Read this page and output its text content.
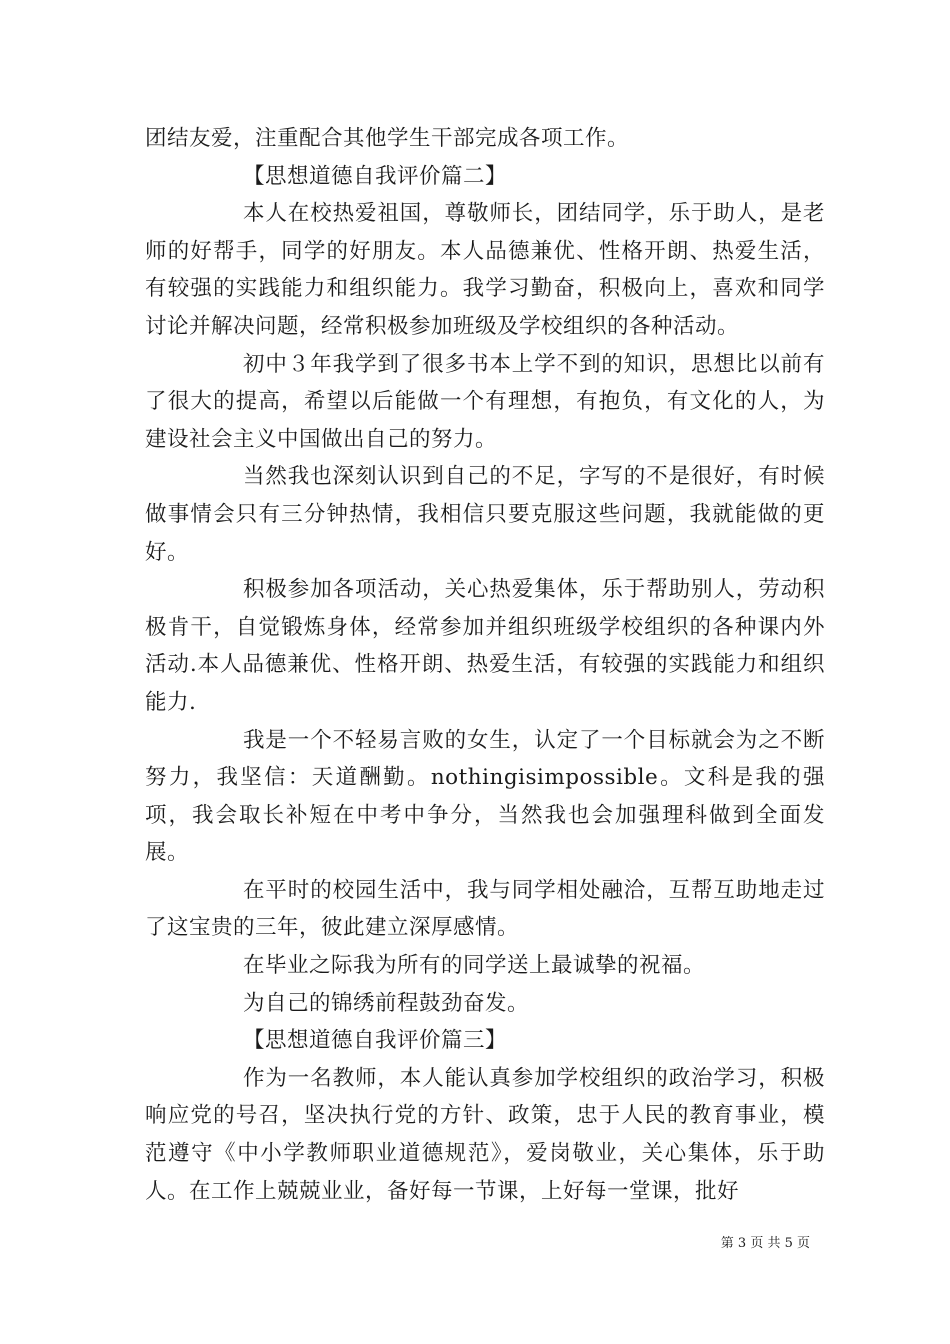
团结友爱，注重配合其他学生干部完成各项工作。

【思想道德自我评价篇二】

本人在校热爱祖国，尊敬师长，团结同学，乐于助人，是老师的好帮手，同学的好朋友。本人品德兼优、性格开朗、热爱生活，有较强的实践能力和组织能力。我学习勤奋，积极向上，喜欢和同学讨论并解决问题，经常积极参加班级及学校组织的各种活动。

初中３年我学到了很多书本上学不到的知识，思想比以前有了很大的提高，希望以后能做一个有理想，有抱负，有文化的人，为建设社会主义中国做出自己的努力。

当然我也深刻认识到自己的不足，字写的不是很好，有时候做事情会只有三分钟热情，我相信只要克服这些问题，我就能做的更好。

积极参加各项活动，关心热爱集体，乐于帮助别人，劳动积极肯干，自觉锻炼身体，经常参加并组织班级学校组织的各种课内外活动.本人品德兼优、性格开朗、热爱生活，有较强的实践能力和组织能力.

我是一个不轻易言败的女生，认定了一个目标就会为之不断努力，我坚信：天道酬勤。nothingisimpossible。文科是我的强项，我会取长补短在中考中争分，当然我也会加强理科做到全面发展。

在平时的校园生活中，我与同学相处融洽，互帮互助地走过了这宝贵的三年，彼此建立深厚感情。

在毕业之际我为所有的同学送上最诚挚的祝福。

为自己的锦绣前程鼓劲奋发。

【思想道德自我评价篇三】

作为一名教师，本人能认真参加学校组织的政治学习，积极响应党的号召，坚决执行党的方针、政策，忠于人民的教育事业，模范遵守《中小学教师职业道德规范》，爱岗敬业，关心集体，乐于助人。在工作上兢兢业业，备好每一节课，上好每一堂课，批好

第 3 页 共 5 页
